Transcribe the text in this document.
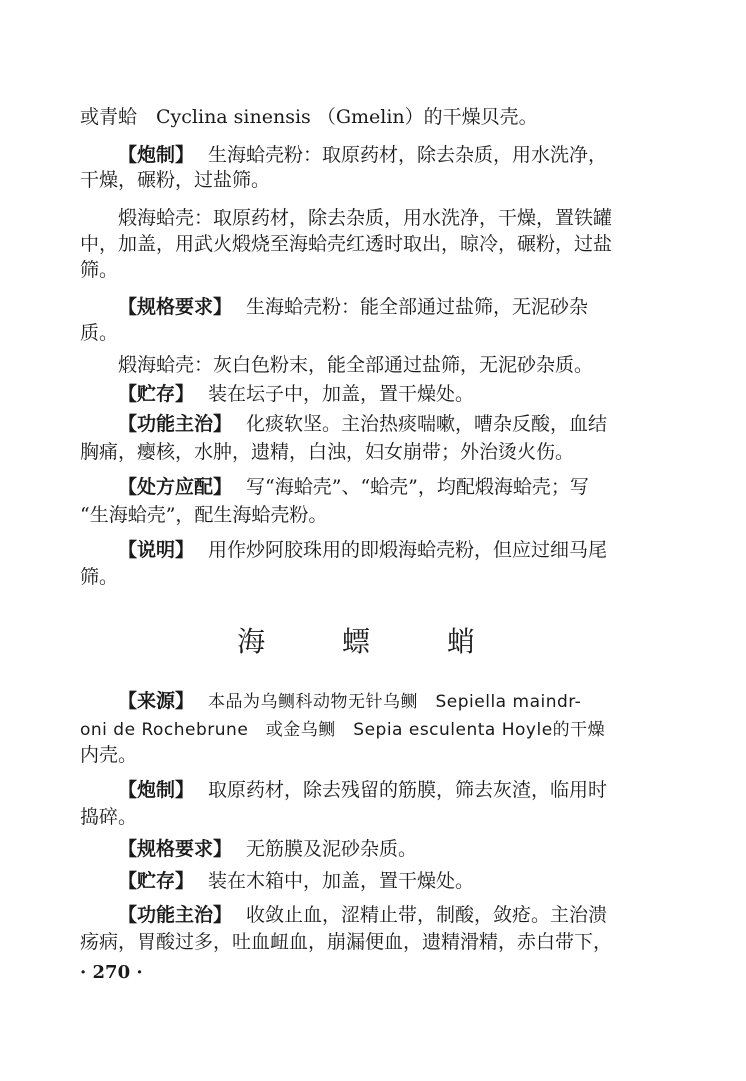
或青蛤　Cyclina sinensis （Gmelin）的干燥贝壳。
【炮制】 生海蛤壳粉：取原药材，除去杂质，用水洗净，
干燥，碾粉，过盐筛。
煅海蛤壳：取原药材，除去杂质，用水洗净，干燥，置铁罐
中，加盖，用武火煅烧至海蛤壳红透时取出，晾冷，碾粉，过盐
筛。
【规格要求】 生海蛤壳粉：能全部通过盐筛，无泥砂杂
质。
煅海蛤壳：灰白色粉末，能全部通过盐筛，无泥砂杂质。
【贮存】 装在坛子中，加盖，置干燥处。
【功能主治】 化痰软坚。主治热痰喘嗽，嘈杂反酸，血结
胸痛，瘿核，水肿，遗精，白浊，妇女崩带；外治烫火伤。
【处方应配】 写“海蛤壳”、“蛤壳”，均配煅海蛤壳；写
“生海蛤壳”，配生海蛤壳粉。
【说明】 用作炒阿胶珠用的即煅海蛤壳粉，但应过细马尾
筛。
海 螵 蛸
【来源】 本品为乌鲗科动物无针乌鲗　Sepiella maindr-
oni de Rochebrune　或金乌鲗　Sepia esculenta Hoyle的干燥
内壳。
【炮制】 取原药材，除去残留的筋膜，筛去灰渣，临用时
捣碎。
【规格要求】 无筋膜及泥砂杂质。
【贮存】 装在木箱中，加盖，置干燥处。
【功能主治】 收敛止血，涩精止带，制酸，敛疮。主治溃
疡病，胃酸过多，吐血衄血，崩漏便血，遗精滑精，赤白带下，
· 270 ·
